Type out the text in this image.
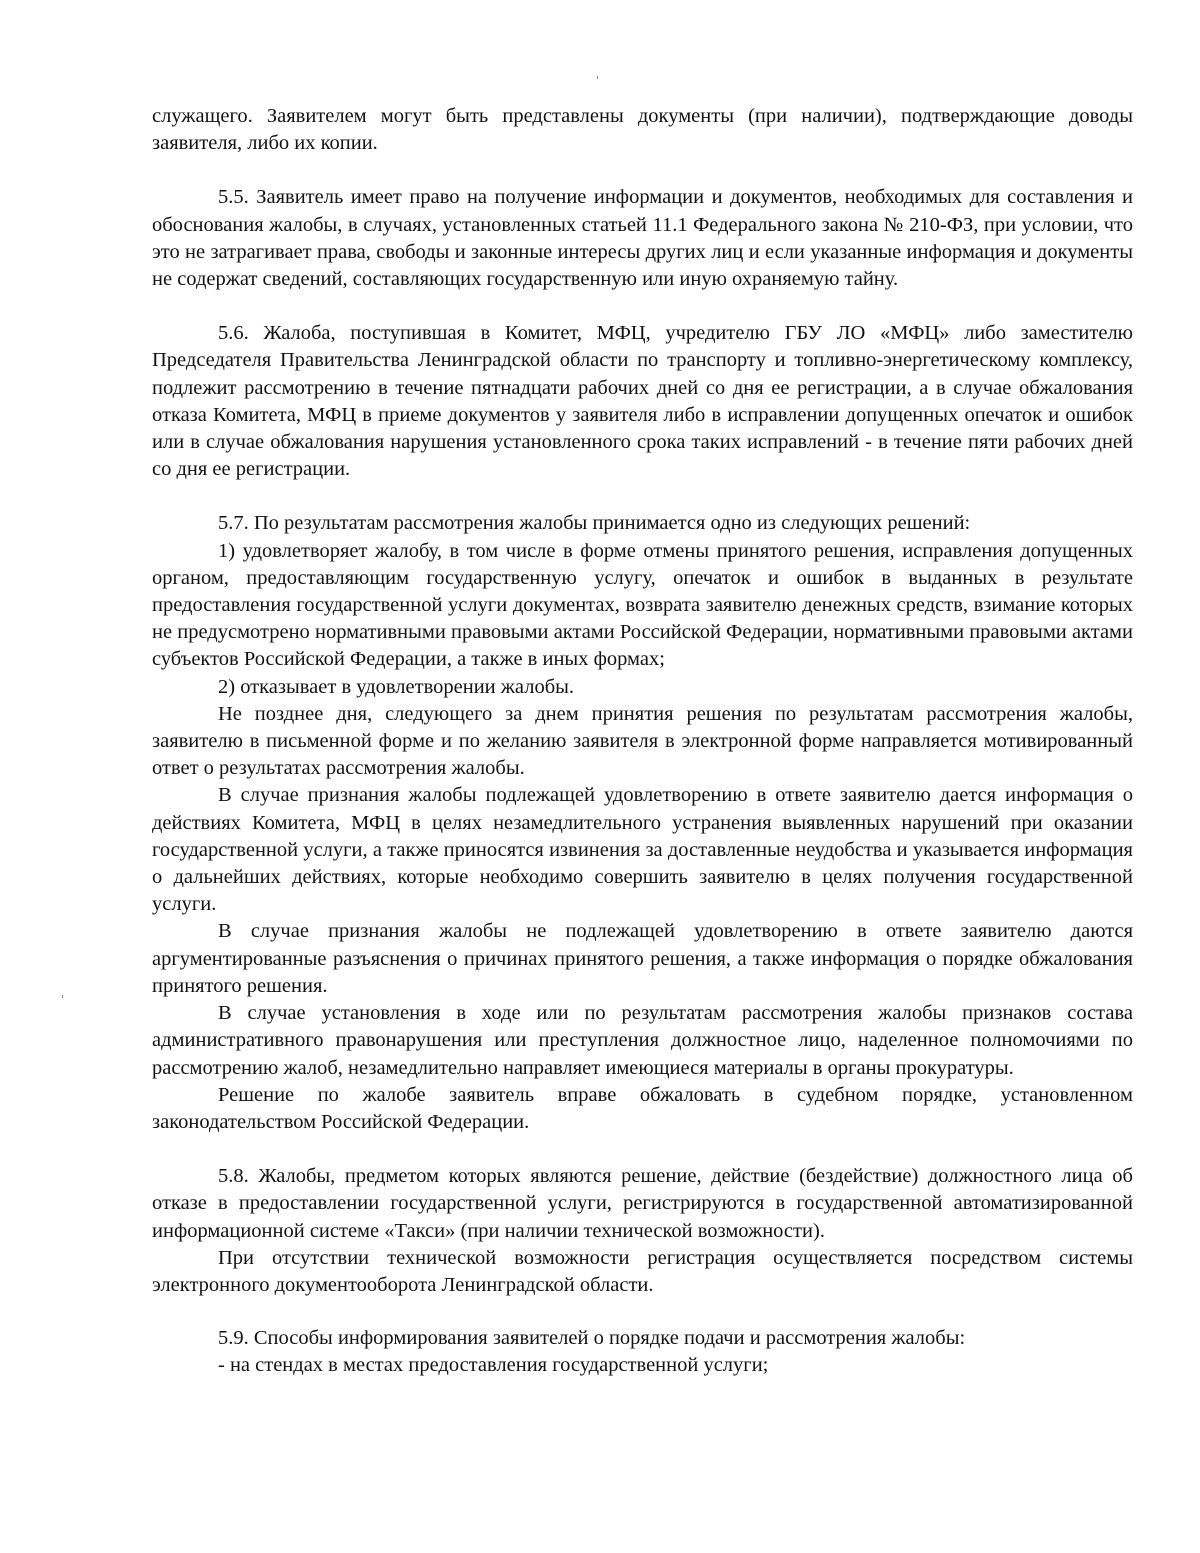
служащего. Заявителем могут быть представлены документы (при наличии), подтверждающие доводы заявителя, либо их копии.

5.5. Заявитель имеет право на получение информации и документов, необходимых для составления и обоснования жалобы, в случаях, установленных статьей 11.1 Федерального закона № 210-ФЗ, при условии, что это не затрагивает права, свободы и законные интересы других лиц и если указанные информация и документы не содержат сведений, составляющих государственную или иную охраняемую тайну.

5.6. Жалоба, поступившая в Комитет, МФЦ, учредителю ГБУ ЛО «МФЦ» либо заместителю Председателя Правительства Ленинградской области по транспорту и топливно-энергетическому комплексу, подлежит рассмотрению в течение пятнадцати рабочих дней со дня ее регистрации, а в случае обжалования отказа Комитета, МФЦ в приеме документов у заявителя либо в исправлении допущенных опечаток и ошибок или в случае обжалования нарушения установленного срока таких исправлений - в течение пяти рабочих дней со дня ее регистрации.

5.7. По результатам рассмотрения жалобы принимается одно из следующих решений:

1) удовлетворяет жалобу, в том числе в форме отмены принятого решения, исправления допущенных органом, предоставляющим государственную услугу, опечаток и ошибок в выданных в результате предоставления государственной услуги документах, возврата заявителю денежных средств, взимание которых не предусмотрено нормативными правовыми актами Российской Федерации, нормативными правовыми актами субъектов Российской Федерации, а также в иных формах;

2) отказывает в удовлетворении жалобы.

Не позднее дня, следующего за днем принятия решения по результатам рассмотрения жалобы, заявителю в письменной форме и по желанию заявителя в электронной форме направляется мотивированный ответ о результатах рассмотрения жалобы.

В случае признания жалобы подлежащей удовлетворению в ответе заявителю дается информация о действиях Комитета, МФЦ в целях незамедлительного устранения выявленных нарушений при оказании государственной услуги, а также приносятся извинения за доставленные неудобства и указывается информация о дальнейших действиях, которые необходимо совершить заявителю в целях получения государственной услуги.

В случае признания жалобы не подлежащей удовлетворению в ответе заявителю даются аргументированные разъяснения о причинах принятого решения, а также информация о порядке обжалования принятого решения.

В случае установления в ходе или по результатам рассмотрения жалобы признаков состава административного правонарушения или преступления должностное лицо, наделенное полномочиями по рассмотрению жалоб, незамедлительно направляет имеющиеся материалы в органы прокуратуры.

Решение по жалобе заявитель вправе обжаловать в судебном порядке, установленном законодательством Российской Федерации.

5.8. Жалобы, предметом которых являются решение, действие (бездействие) должностного лица об отказе в предоставлении государственной услуги, регистрируются в государственной автоматизированной информационной системе «Такси» (при наличии технической возможности).

При отсутствии технической возможности регистрация осуществляется посредством системы электронного документооборота Ленинградской области.

5.9. Способы информирования заявителей о порядке подачи и рассмотрения жалобы:

- на стендах в местах предоставления государственной услуги;
